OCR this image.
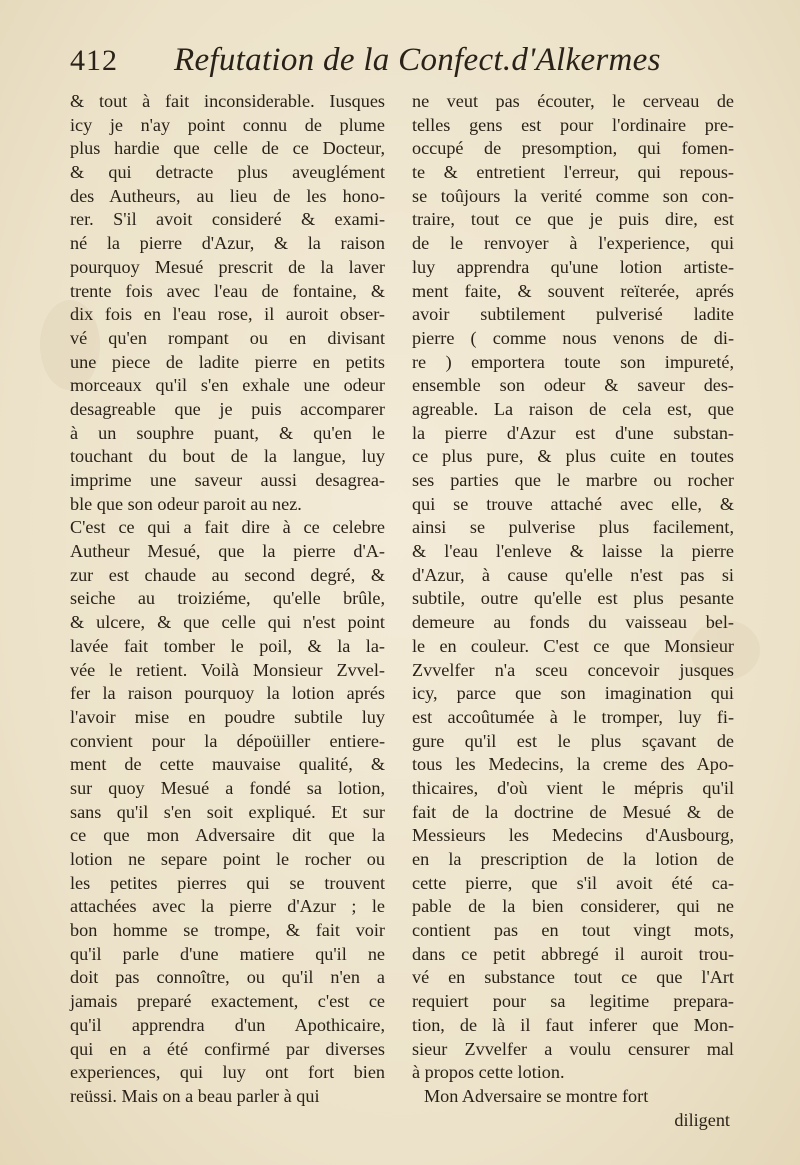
412 Refutation de la Confect.d'Alkermes
& tout à fait inconsiderable. Iusques
icy je n'ay point connu de plume
plus hardie que celle de ce Docteur,
& qui detracte plus aveuglément
des Autheurs, au lieu de les hono-
rer. S'il avoit consideré & exami-
né la pierre d'Azur, & la raison
pourquoy Mesué prescrit de la laver
trente fois avec l'eau de fontaine, &
dix fois en l'eau rose, il auroit obser-
vé qu'en rompant ou en divisant
une piece de ladite pierre en petits
morceaux qu'il s'en exhale une odeur
desagreable que je puis accomparer
à un souphre puant, & qu'en le
touchant du bout de la langue, luy
imprime une saveur aussi desagrea-
ble que son odeur paroit au nez.
C'est ce qui a fait dire à ce celebre
Autheur Mesué, que la pierre d'A-
zur est chaude au second degré, &
seiche au troiziéme, qu'elle brûle,
& ulcere, & que celle qui n'est point
lavée fait tomber le poil, & la la-
vée le retient. Voilà Monsieur Zvvel-
fer la raison pourquoy la lotion aprés
l'avoir mise en poudre subtile luy
convient pour la dépoüiller entiere-
ment de cette mauvaise qualité, &
sur quoy Mesué a fondé sa lotion,
sans qu'il s'en soit expliqué. Et sur
ce que mon Adversaire dit que la
lotion ne separe point le rocher ou
les petites pierres qui se trouvent
attachées avec la pierre d'Azur ; le
bon homme se trompe, & fait voir
qu'il parle d'une matiere qu'il ne
doit pas connoître, ou qu'il n'en a
jamais preparé exactement, c'est ce
qu'il apprendra d'un Apothicaire,
qui en a été confirmé par diverses
experiences, qui luy ont fort bien
reüssi. Mais on a beau parler à qui
ne veut pas écouter, le cerveau de
telles gens est pour l'ordinaire pre-
occupé de presomption, qui fomen-
te & entretient l'erreur, qui repous-
se toûjours la verité comme son con-
traire, tout ce que je puis dire, est
de le renvoyer à l'experience, qui
luy apprendra qu'une lotion artiste-
ment faite, & souvent reïterée, aprés
avoir subtilement pulverisé ladite
pierre ( comme nous venons de di-
re ) emportera toute son impureté,
ensemble son odeur & saveur des-
agreable. La raison de cela est, que
la pierre d'Azur est d'une substan-
ce plus pure, & plus cuite en toutes
ses parties que le marbre ou rocher
qui se trouve attaché avec elle, &
ainsi se pulverise plus facilement,
& l'eau l'enleve & laisse la pierre
d'Azur, à cause qu'elle n'est pas si
subtile, outre qu'elle est plus pesante
demeure au fonds du vaisseau bel-
le en couleur. C'est ce que Monsieur
Zvvelfer n'a sceu concevoir jusques
icy, parce que son imagination qui
est accoûtumée à le tromper, luy fi-
gure qu'il est le plus sçavant de
tous les Medecins, la creme des Apo-
thicaires, d'où vient le mépris qu'il
fait de la doctrine de Mesué & de
Messieurs les Medecins d'Ausbourg,
en la prescription de la lotion de
cette pierre, que s'il avoit été ca-
pable de la bien considerer, qui ne
contient pas en tout vingt mots,
dans ce petit abbregé il auroit trou-
vé en substance tout ce que l'Art
requiert pour sa legitime prepara-
tion, de là il faut inferer que Mon-
sieur Zvvelfer a voulu censurer mal
à propos cette lotion.
Mon Adversaire se montre fort
diligent
